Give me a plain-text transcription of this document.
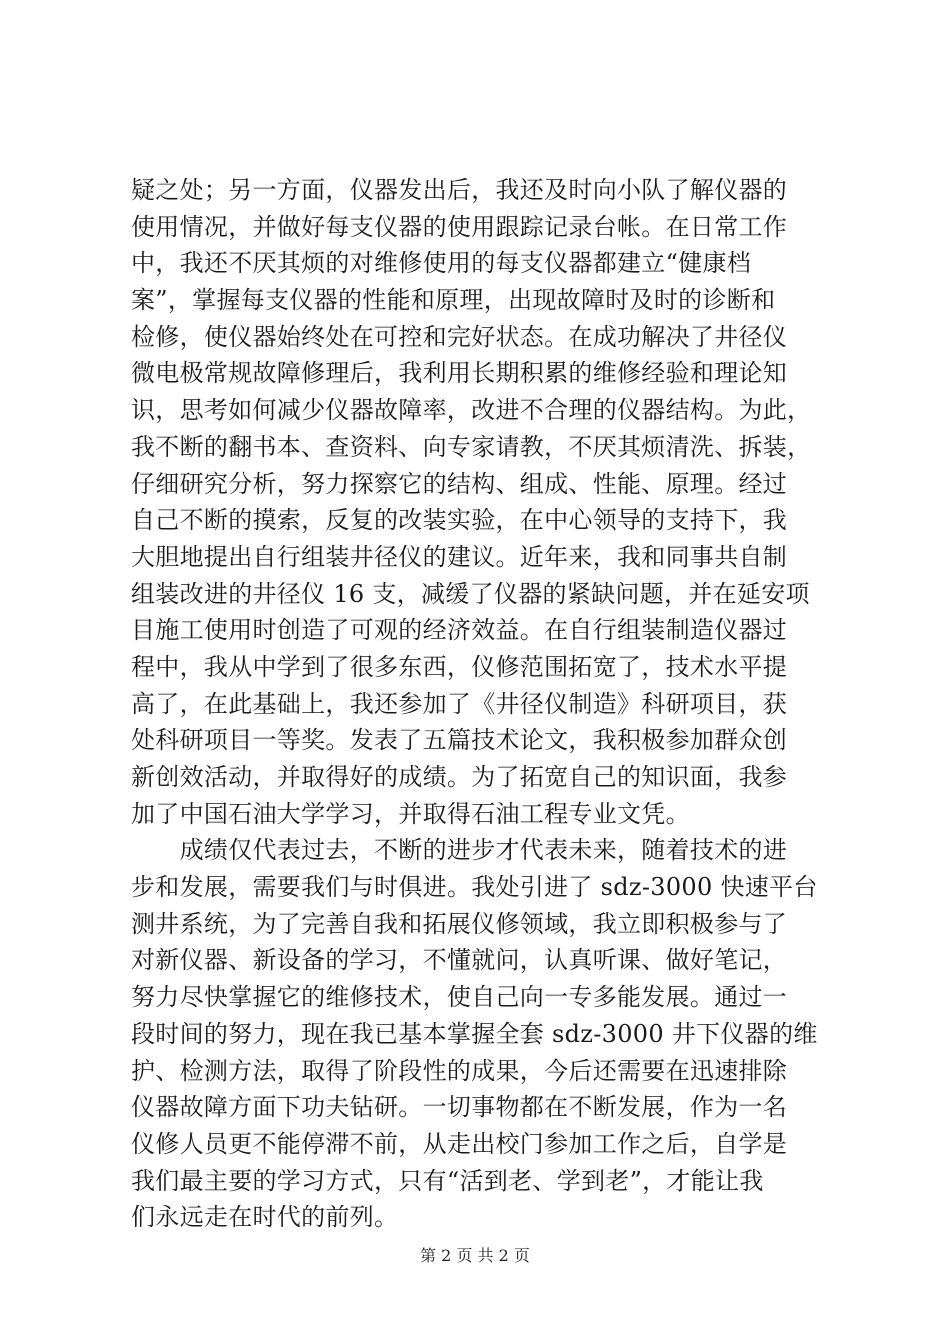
疑之处；另一方面，仪器发出后，我还及时向小队了解仪器的
使用情况，并做好每支仪器的使用跟踪记录台帐。在日常工作
中，我还不厌其烦的对维修使用的每支仪器都建立“健康档
案”，掌握每支仪器的性能和原理，出现故障时及时的诊断和
检修，使仪器始终处在可控和完好状态。在成功解决了井径仪
微电极常规故障修理后，我利用长期积累的维修经验和理论知
识，思考如何减少仪器故障率，改进不合理的仪器结构。为此，
我不断的翻书本、查资料、向专家请教，不厌其烦清洗、拆装，
仔细研究分析，努力探察它的结构、组成、性能、原理。经过
自己不断的摸索，反复的改装实验，在中心领导的支持下，我
大胆地提出自行组装井径仪的建议。近年来，我和同事共自制
组装改进的井径仪 16 支，减缓了仪器的紧缺问题，并在延安项
目施工使用时创造了可观的经济效益。在自行组装制造仪器过
程中，我从中学到了很多东西，仪修范围拓宽了，技术水平提
高了，在此基础上，我还参加了《井径仪制造》科研项目，获
处科研项目一等奖。发表了五篇技术论文，我积极参加群众创
新创效活动，并取得好的成绩。为了拓宽自己的知识面，我参
加了中国石油大学学习，并取得石油工程专业文凭。
　　成绩仅代表过去，不断的进步才代表未来，随着技术的进
步和发展，需要我们与时俱进。我处引进了 sdz-3000 快速平台
测井系统，为了完善自我和拓展仪修领域，我立即积极参与了
对新仪器、新设备的学习，不懂就问，认真听课、做好笔记，
努力尽快掌握它的维修技术，使自己向一专多能发展。通过一
段时间的努力，现在我已基本掌握全套 sdz-3000 井下仪器的维
护、检测方法，取得了阶段性的成果，今后还需要在迅速排除
仪器故障方面下功夫钻研。一切事物都在不断发展，作为一名
仪修人员更不能停滞不前，从走出校门参加工作之后，自学是
我们最主要的学习方式，只有“活到老、学到老”，才能让我
们永远走在时代的前列。
第 2 页 共 2 页
